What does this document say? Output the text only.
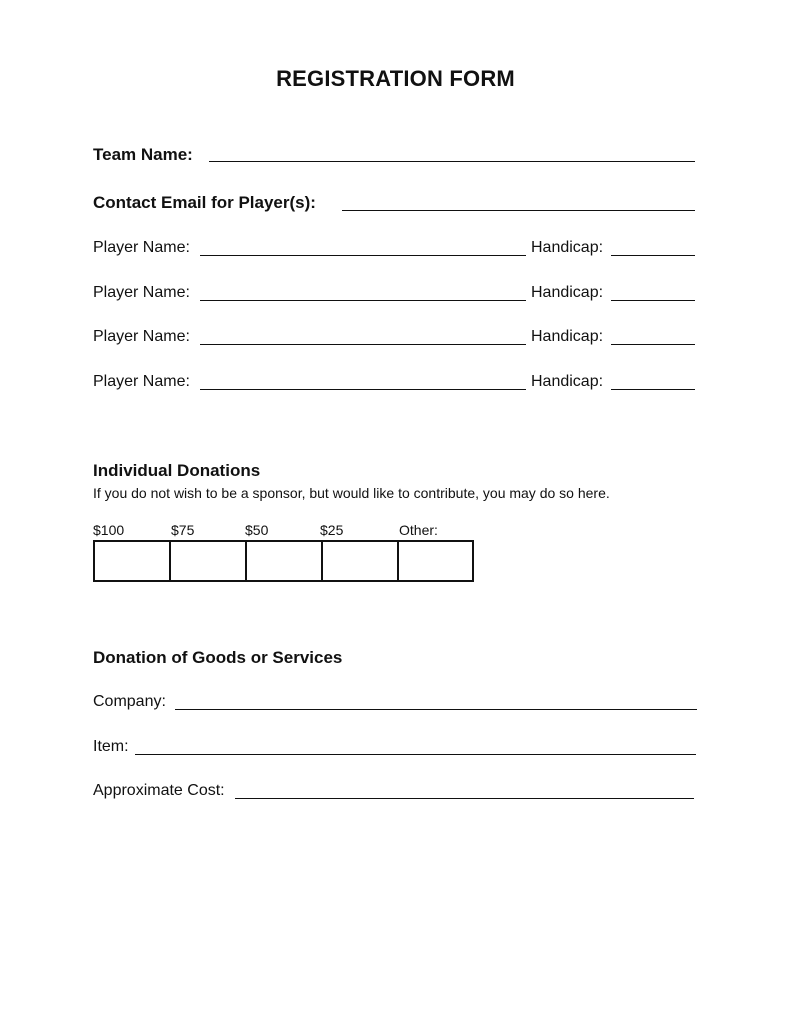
REGISTRATION FORM
Team Name:
Contact Email for Player(s):
Player Name:	Handicap:
Player Name:	Handicap:
Player Name:	Handicap:
Player Name:	Handicap:
Individual Donations
If you do not wish to be a sponsor, but would like to contribute, you may do so here.
$100	$75	$50	$25	Other:
Donation of Goods or Services
Company:
Item:
Approximate Cost:
